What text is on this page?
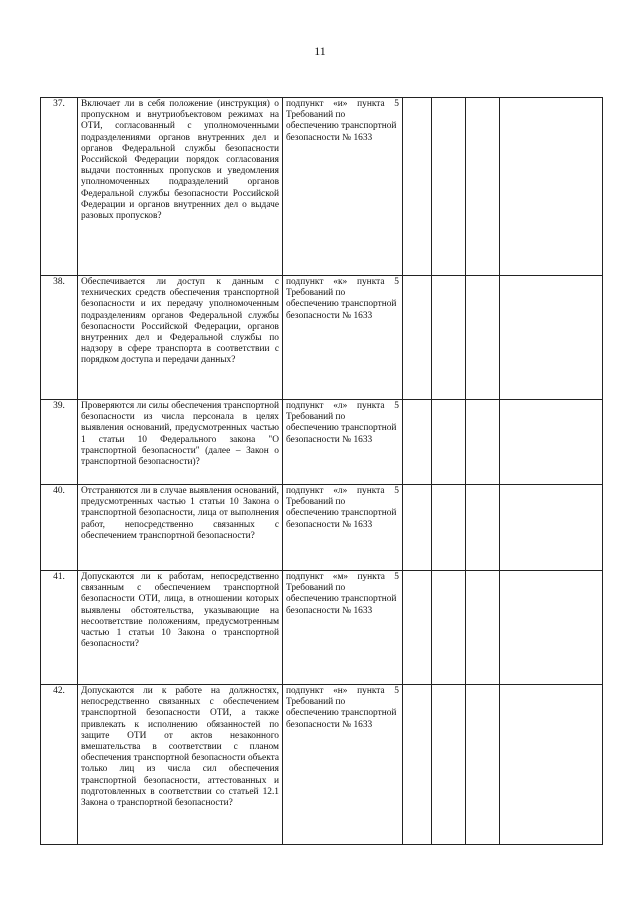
11
37.	Включает ли в себя положение (инструкция) о пропускном и внутриобъектовом режимах на ОТИ, согласованный с уполномоченными подразделениями органов внутренних дел и органов Федеральной службы безопасности Российской Федерации порядок согласования выдачи постоянных пропусков и уведомления уполномоченных подразделений органов Федеральной службы безопасности Российской Федерации и органов внутренних дел о выдаче разовых пропусков?	подпункт «и» пункта 5
Требований по обеспечению транспортной безопасности № 1633				
38.	Обеспечивается ли доступ к данным с технических средств обеспечения транспортной безопасности и их передачу уполномоченным подразделениям органов Федеральной службы безопасности Российской Федерации, органов внутренних дел и Федеральной службы по надзору в сфере транспорта в соответствии с порядком доступа и передачи данных?	подпункт «к» пункта 5
Требований по обеспечению транспортной безопасности № 1633				
39.	Проверяются ли силы обеспечения транспортной безопасности из числа персонала в целях выявления оснований, предусмотренных частью 1 статьи 10 Федерального закона "О транспортной безопасности" (далее – Закон о транспортной безопасности)?	подпункт «л» пункта 5
Требований по обеспечению транспортной безопасности № 1633				
40.	Отстраняются ли в случае выявления оснований, предусмотренных частью 1 статьи 10 Закона о транспортной безопасности, лица от выполнения работ, непосредственно связанных с обеспечением транспортной безопасности?	подпункт «л» пункта 5
Требований по обеспечению транспортной безопасности № 1633				
41.	Допускаются ли к работам, непосредственно связанным с обеспечением транспортной безопасности ОТИ, лица, в отношении которых выявлены обстоятельства, указывающие на несоответствие положениям, предусмотренным частью 1 статьи 10 Закона о транспортной безопасности?	подпункт «м» пункта 5
Требований по обеспечению транспортной безопасности № 1633				
42.	Допускаются ли к работе на должностях, непосредственно связанных с обеспечением транспортной безопасности ОТИ, а также привлекать к исполнению обязанностей по защите ОТИ от актов незаконного вмешательства в соответствии с планом обеспечения транспортной безопасности объекта только лиц из числа сил обеспечения транспортной безопасности, аттестованных и подготовленных в соответствии со статьей 12.1 Закона о транспортной безопасности?	подпункт «н» пункта 5
Требований по обеспечению транспортной безопасности № 1633				
